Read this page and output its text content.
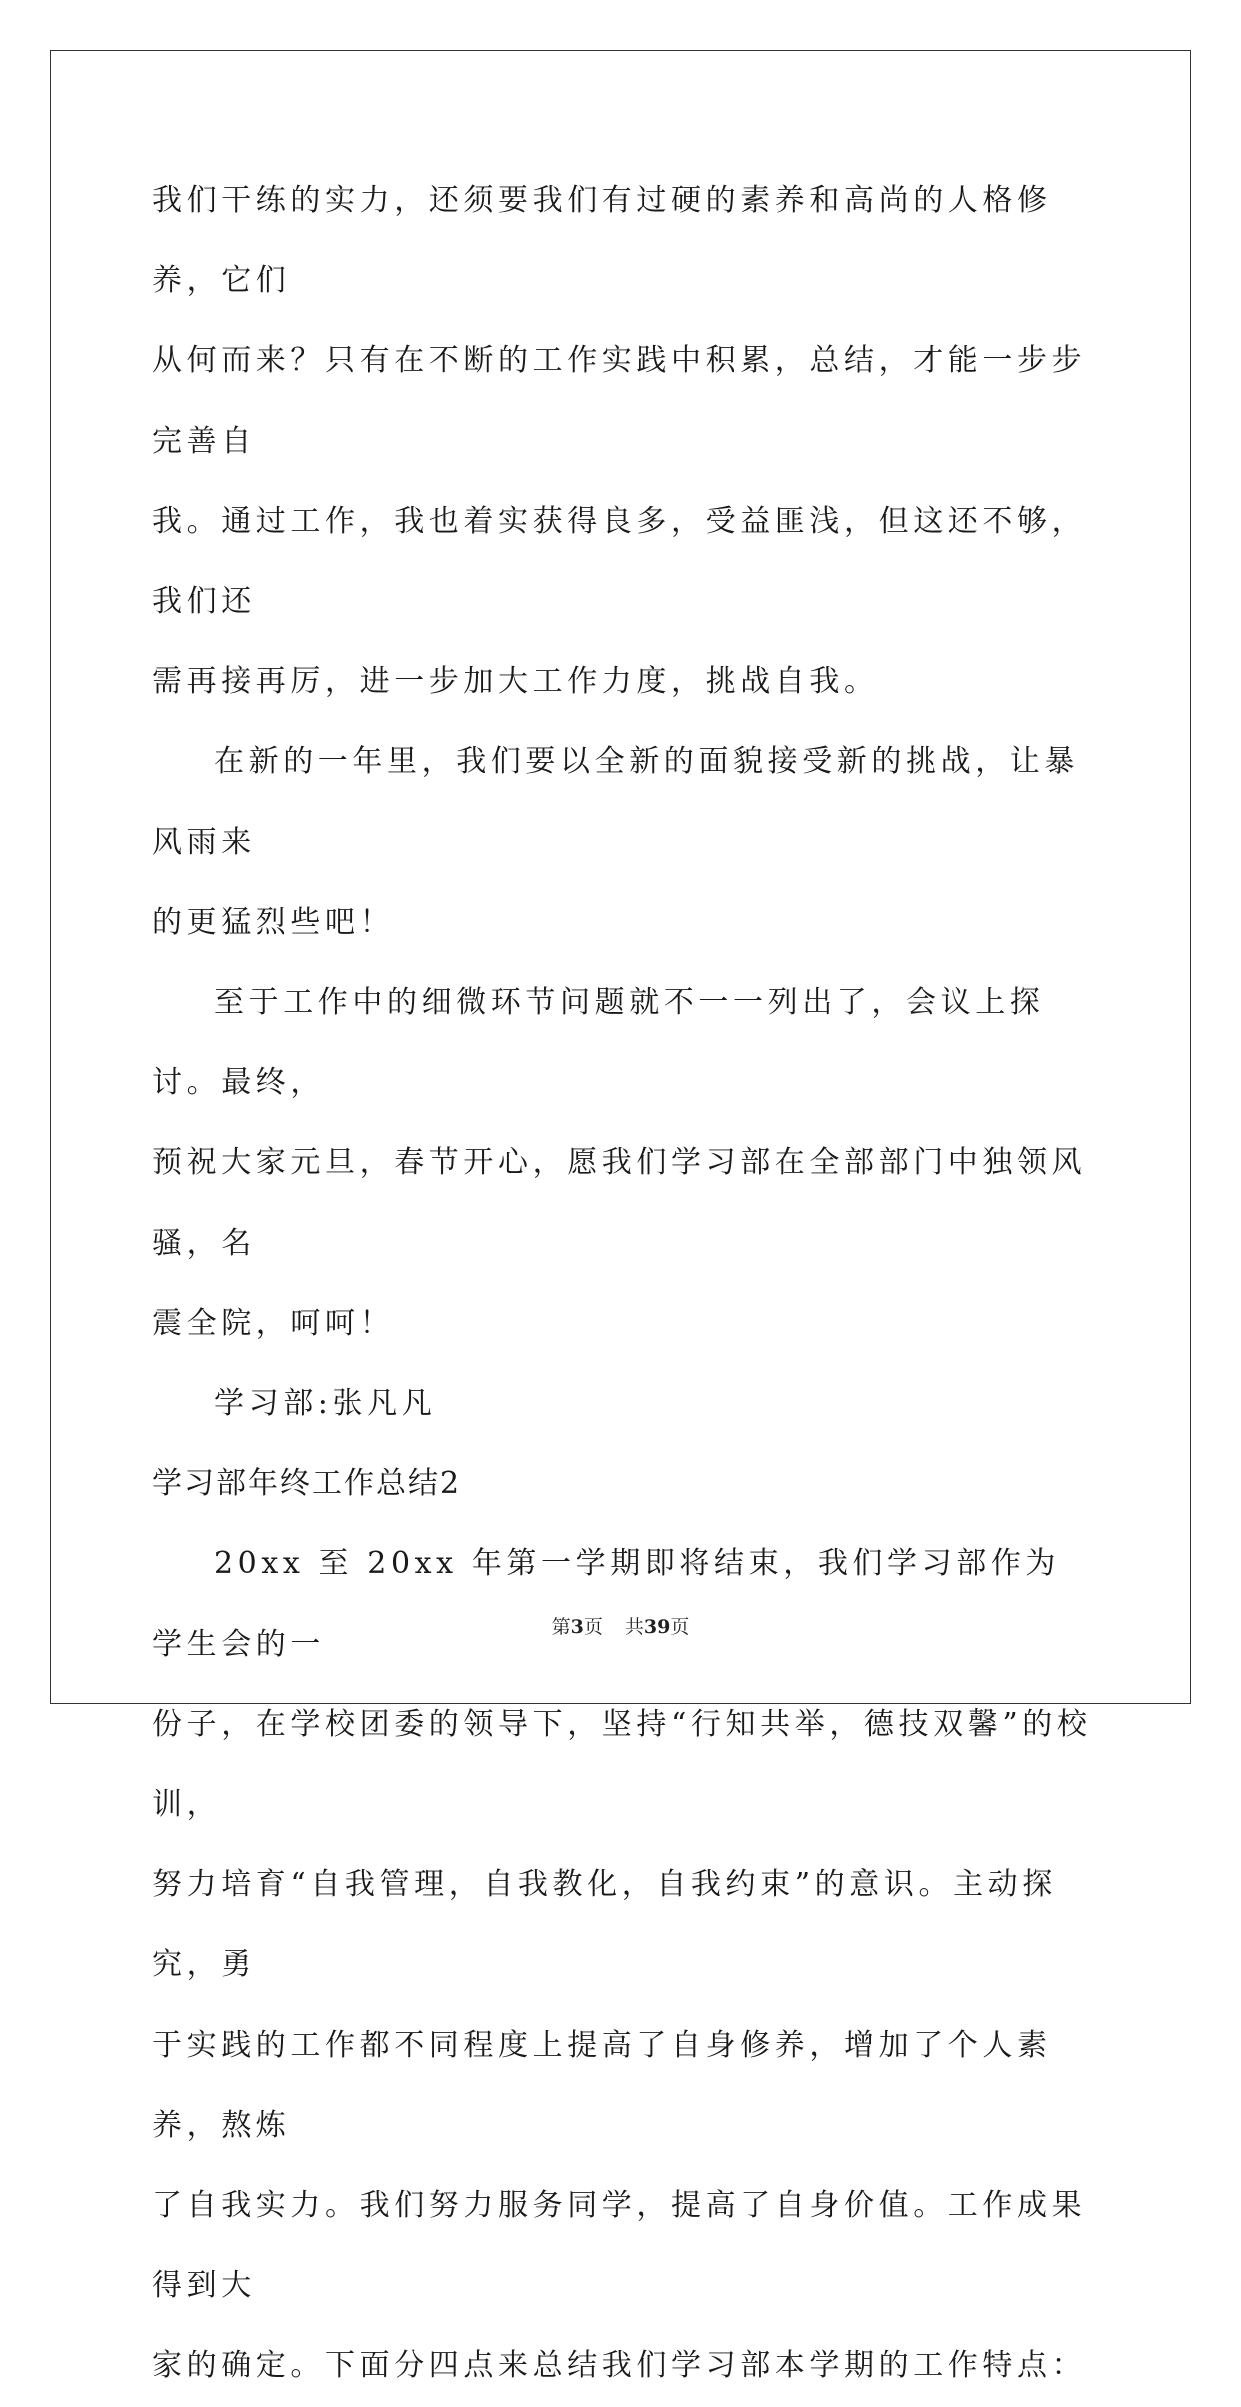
我们干练的实力，还须要我们有过硬的素养和高尚的人格修养，它们
从何而来？只有在不断的工作实践中积累，总结，才能一步步完善自
我。通过工作，我也着实获得良多，受益匪浅，但这还不够，我们还
需再接再厉，进一步加大工作力度，挑战自我。
在新的一年里，我们要以全新的面貌接受新的挑战，让暴风雨来
的更猛烈些吧！
至于工作中的细微环节问题就不一一列出了，会议上探讨。最终，
预祝大家元旦，春节开心，愿我们学习部在全部部门中独领风骚，名
震全院，呵呵！
学习部:张凡凡
学习部年终工作总结2
20xx 至 20xx 年第一学期即将结束，我们学习部作为学生会的一
份子，在学校团委的领导下，坚持“行知共举，德技双馨”的校训，
努力培育“自我管理，自我教化，自我约束”的意识。主动探究，勇
于实践的工作都不同程度上提高了自身修养，增加了个人素养，熬炼
了自我实力。我们努力服务同学，提高了自身价值。工作成果得到大
家的确定。下面分四点来总结我们学习部本学期的工作特点：
第3页 共39页
